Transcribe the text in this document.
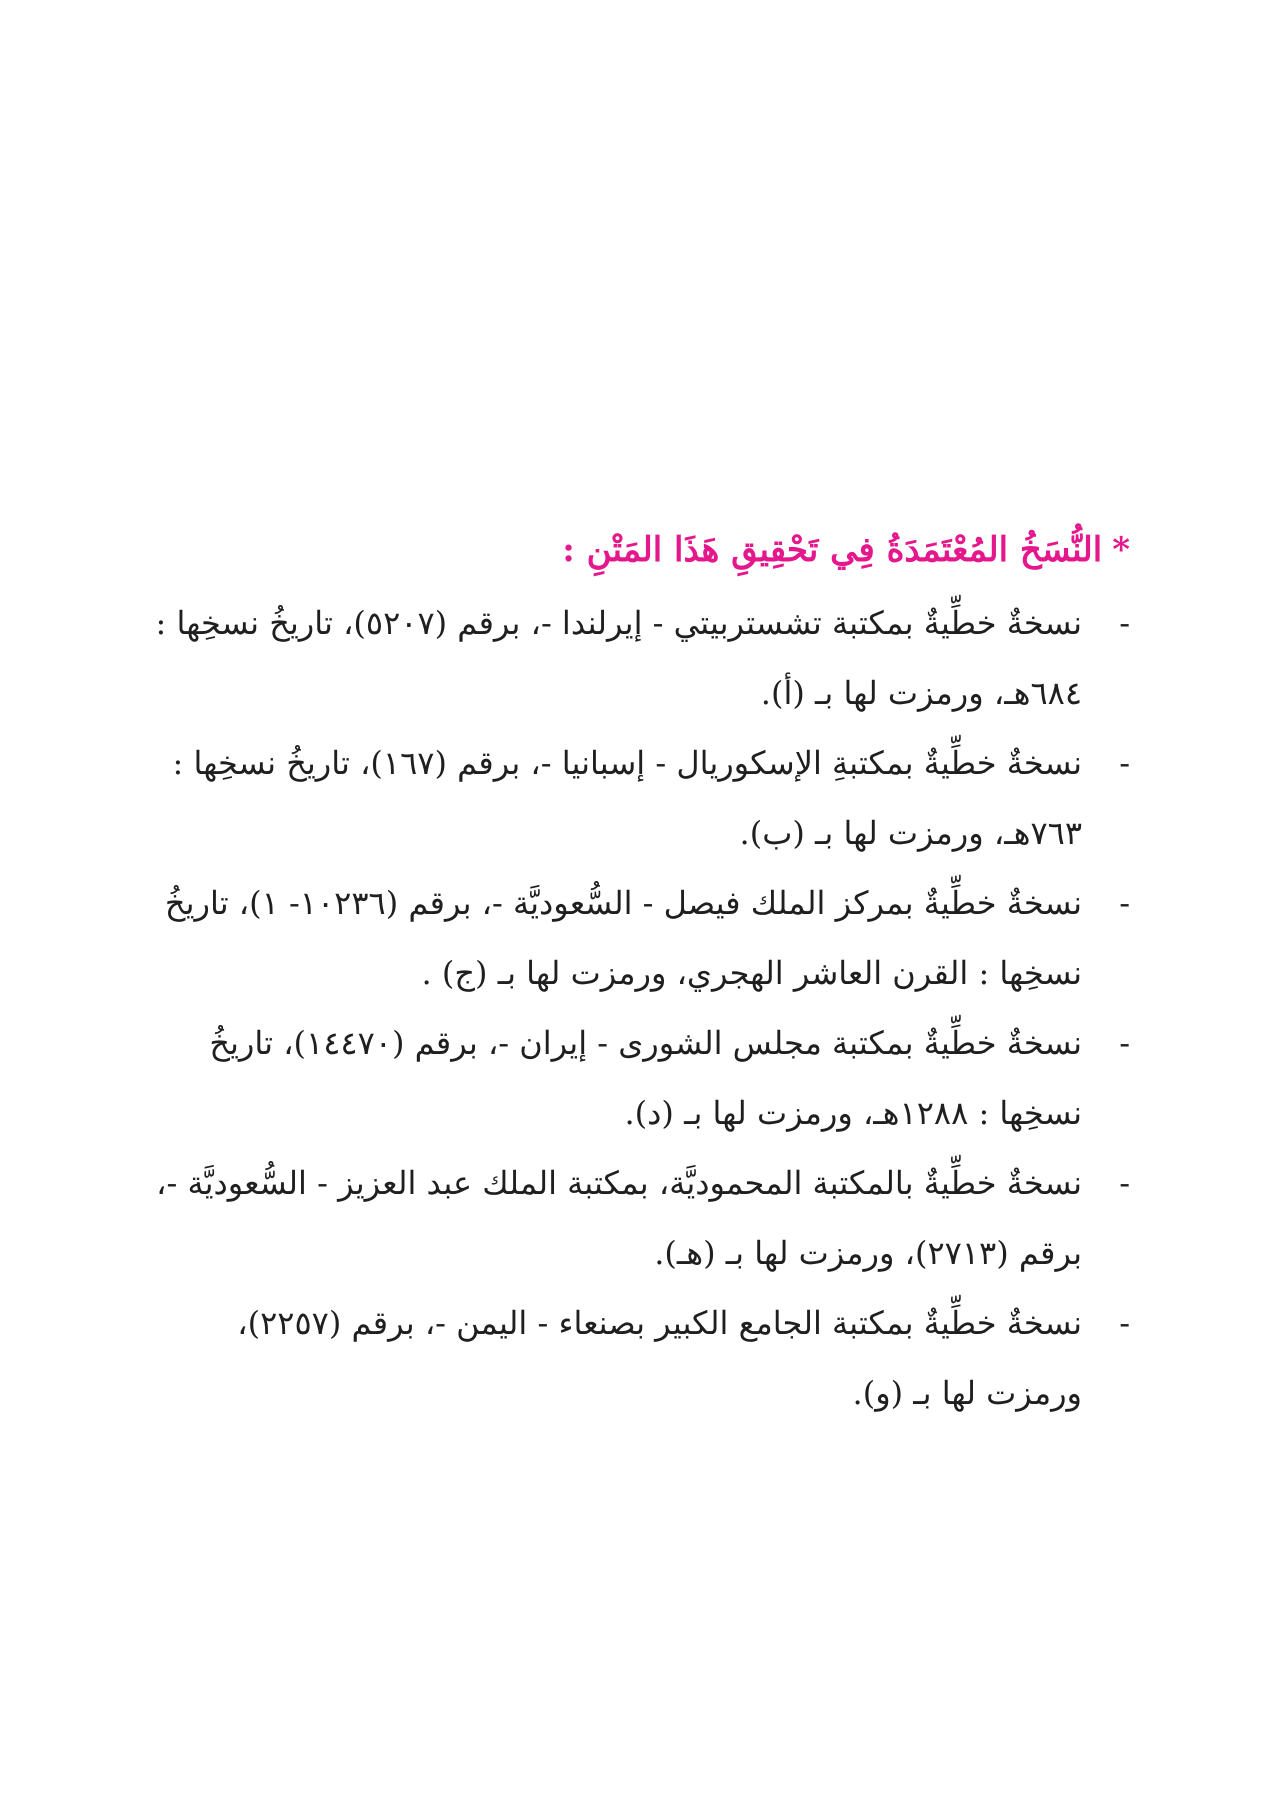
*النُّسَخُ المُعْتَمَدَةُ فِي تَحْقِيقِ هَذَا المَتْنِ :
-
نسخةٌ خطِّيةٌ بمكتبة تشستربيتي - إيرلندا -، برقم (٥٢٠٧)، تاريخُ نسخِها : ٦٨٤هـ، ورمزت لها بـ (أ).
-
نسخةٌ خطِّيةٌ بمكتبةِ الإسكوريال - إسبانيا -، برقم (١٦٧)، تاريخُ نسخِها : ٧٦٣هـ، ورمزت لها بـ (ب).
-
نسخةٌ خطِّيةٌ بمركز الملك فيصل - السُّعوديَّة -، برقم (١٠٢٣٦- ١)، تاريخُ نسخِها : القرن العاشر الهجري، ورمزت لها بـ (ج) .
-
نسخةٌ خطِّيةٌ بمكتبة مجلس الشورى - إيران -، برقم (١٤٤٧٠)، تاريخُ نسخِها : ١٢٨٨هـ، ورمزت لها بـ (د).
-
نسخةٌ خطِّيةٌ بالمكتبة المحموديَّة، بمكتبة الملك عبد العزيز - السُّعوديَّة -، برقم (٢٧١٣)، ورمزت لها بـ (هـ).
-
نسخةٌ خطِّيةٌ بمكتبة الجامع الكبير بصنعاء - اليمن -، برقم (٢٢٥٧)، ورمزت لها بـ (و).
